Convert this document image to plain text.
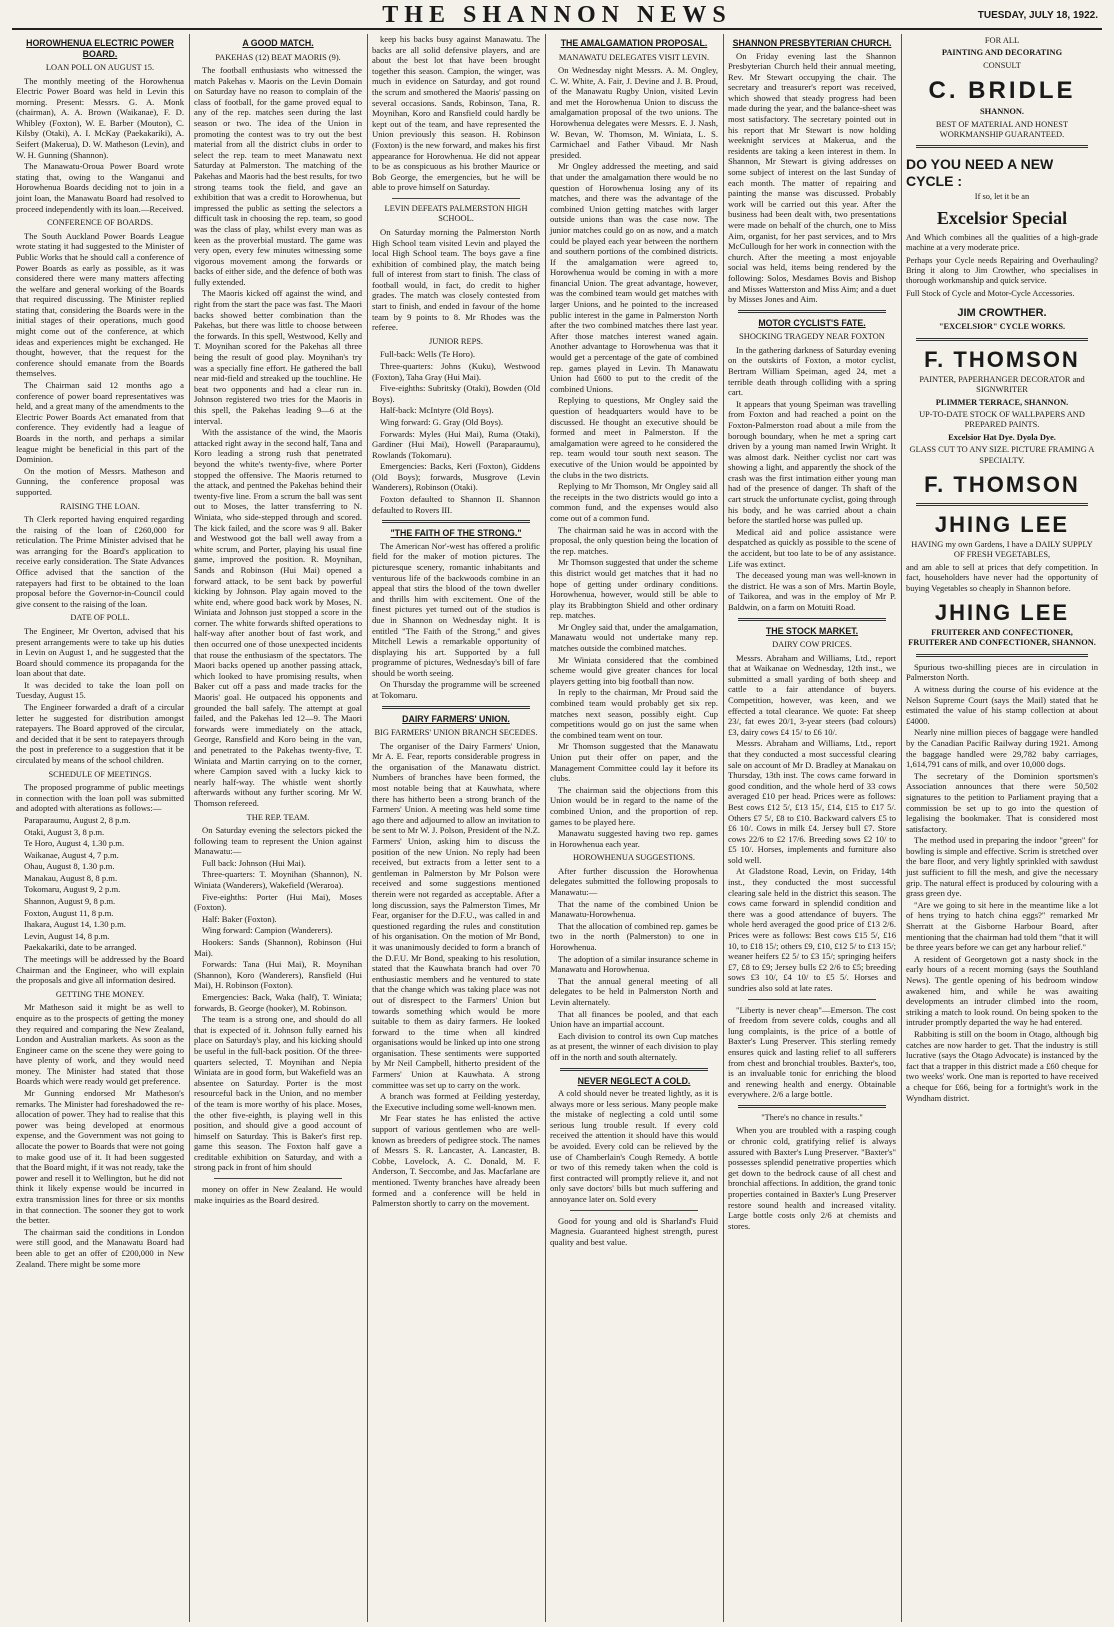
THE SHANNON NEWS	TUESDAY, JULY 18, 1922.
HOROWHENUA ELECTRIC POWER BOARD.
LOAN POLL ON AUGUST 15.

The monthly meeting of the Horowhenua Electric Power Board was held in Levin this morning. Present: Messrs. G. A. Monk (chairman), A. A. Brown (Waikanae), F. D. Whibley (Foxton), W. E. Barber (Mouton), C. Kilsby (Otaki), A. I. McKay (Paekakariki), A. Seifert (Makerua), D. W. Matheson (Levin), and W. H. Gunning (Shannon).

The Manawatu-Oroua Power Board wrote stating that, owing to the Wanganui and Horowhenua Boards deciding not to join in a joint loan, the Manawatu Board had resolved to proceed independently with its loan.—Received.

CONFERENCE OF BOARDS.

The South Auckland Power Boards League wrote stating it had suggested to the Minister of Public Works that he should call a conference of Power Boards as early as possible, as it was considered there were many matters affecting the welfare and general working of the Boards that required discussing. The Minister replied stating that, considering the Boards were in the initial stages of their operations, much good might come out of the conference, at which ideas and experiences might be exchanged. He thought, however, that the request for the conference should emanate from the Boards themselves.

The Chairman said 12 months ago a conference of power board representatives was held, and a great many of the amendments to the Electric Power Boards Act emanated from that conference. They evidently had a league of Boards in the north, and perhaps a similar league might be beneficial in this part of the Dominion.

On the motion of Messrs. Matheson and Gunning, the conference proposal was supported.

RAISING THE LOAN.

Th Clerk reported having enquired regarding the raising of the loan of £260,000 for reticulation. The Prime Minister advised that he was arranging for the Board's application to receive early consideration. The State Advances Office advised that the sanction of the ratepayers had first to be obtained to the loan proposal before the Governor-in-Council could give consent to the raising of the loan.

DATE OF POLL.

The Engineer, Mr Overton, advised that his present arrangements were to take up his duties in Levin on August 1, and he suggested that the Board should commence its propaganda for the loan about that date.

It was decided to take the loan poll on Tuesday, August 15.

The Engineer forwarded a draft of a circular letter he suggested for distribution amongst ratepayers. The Board approved of the circular, and decided that it be sent to ratepayers through the post in preference to a suggestion that it be circulated by means of the school children.

SCHEDULE OF MEETINGS.

The proposed programme of public meetings in connection with the loan poll was submitted and adopted with alterations as follows:—

Paraparaumu, August 2, 8 p.m.

Otaki, August 3, 8 p.m.

Te Horo, August 4, 1.30 p.m.

Waikanae, August 4, 7 p.m.

Ohau, August 8, 1.30 p.m.

Manakau, August 8, 8 p.m.

Tokomaru, August 9, 2 p.m.

Shannon, August 9, 8 p.m.

Foxton, August 11, 8 p.m.

Ihakara, August 14, 1.30 p.m.

Levin, August 14, 8 p.m.

Paekakariki, date to be arranged.

The meetings will be addressed by the Board Chairman and the Engineer, who will explain the proposals and give all information desired.

GETTING THE MONEY.

Mr Matheson said it might be as well to enquire as to the prospects of getting the money they required and comparing the New Zealand, London and Australian markets. As soon as the Engineer came on the scene they were going to have plenty of work, and they would need money. The Minister had stated that those Boards which were ready would get preference.

Mr Gunning endorsed Mr Matheson's remarks. The Minister had foreshadowed the re-allocation of power. They had to realise that this power was being developed at enormous expense, and the Government was not going to allocate the power to Boards that were not going to make good use of it. It had been suggested that the Board might, if it was not ready, take the power and resell it to Wellington, but he did not think it likely expense would be incurred in extra transmission lines for three or six months in that connection. The sooner they got to work the better.

The chairman said the conditions in London were still good, and the Manawatu Board had been able to get an offer of £200,000 in New Zealand. There might be some more

A GOOD MATCH.
PAKEHAS (12) BEAT MAORIS (9).

The football enthusiasts who witnessed the match Pakehas v. Maoris on the Levin Domain on Saturday have no reason to complain of the class of football, for the game proved equal to any of the rep. matches seen during the last season or two. The idea of the Union in promoting the contest was to try out the best material from all the district clubs in order to select the rep. team to meet Manawatu next Saturday at Palmerston. The matching of the Pakehas and Maoris had the best results, for two strong teams took the field, and gave an exhibition that was a credit to Horowhenua, but impressed the public as setting the selectors a difficult task in choosing the rep. team, so good was the class of play, whilst every man was as keen as the proverbial mustard. The game was very open, every few minutes witnessing some vigorous movement among the forwards or backs of either side, and the defence of both was fully extended.

The Maoris kicked off against the wind, and right from the start the pace was fast. The Maori backs showed better combination than the Pakehas, but there was little to choose between the forwards. In this spell, Westwood, Kelly and T. Moynihan scored for the Pakehas all three being the result of good play. Moynihan's try was a specially fine effort. He gathered the ball near mid-field and streaked up the touchline. He beat two opponents and had a clear run in. Johnson registered two tries for the Maoris in this spell, the Pakehas leading 9—6 at the interval.

With the assistance of the wind, the Maoris attacked right away in the second half, Tana and Koro leading a strong rush that penetrated beyond the white's twenty-five, where Porter stopped the offensive. The Maoris returned to the attack, and pentned the Pakehas behind their twenty-five line. From a scrum the ball was sent out to Moses, the latter transferring to N. Winiata, who side-stepped through and scored. The kick failed, and the score was 9 all. Baker and Westwood got the ball well away from a white scrum, and Porter, playing his usual fine game, improved the position. R. Moynihan, Sands and Robinson (Hui Mai) opened a forward attack, to be sent back by powerful kicking by Johnson. Play again moved to the white end, where good back work by Moses, N. Winiata and Johnson just stopped a score in the corner. The white forwards shifted operations to half-way after another bout of fast work, and then occurred one of those unexpected incidents that rouse the enthusiasm of the spectators. The Maori backs opened up another passing attack, which looked to have promising results, when Baker cut off a pass and made tracks for the Maoris' goal. He outpaced his opponents and grounded the ball safely. The attempt at goal failed, and the Pakehas led 12—9. The Maori forwards were immediately on the attack, George, Ransfield and Koro being in the van, and penetrated to the Pakehas twenty-five, T. Winiata and Martin carrying on to the corner, where Campion saved with a lucky kick to nearly half-way. The whistle went shortly afterwards without any further scoring. Mr W. Thomson refereed.

THE REP. TEAM.

On Saturday evening the selectors picked the following team to represent the Union against Manawatu:—

Full back: Johnson (Hui Mai).

Three-quarters: T. Moynihan (Shannon), N. Winiata (Wanderers), Wakefield (Weraroa).

Five-eighths: Porter (Hui Mai), Moses (Foxton).

Half: Baker (Foxton).

Wing forward: Campion (Wanderers).

Hookers: Sands (Shannon), Robinson (Hui Mai).

Forwards: Tana (Hui Mai), R. Moynihan (Shannon), Koro (Wanderers), Ransfield (Hui Mai), H. Robinson (Foxton).

Emergencies: Back, Waka (half), T. Winiata; forwards, B. George (hooker), M. Robinson.

The team is a strong one, and should do all that is expected of it. Johnson fully earned his place on Saturday's play, and his kicking should be useful in the full-back position. Of the three-quarters selected, T. Moynihan and Nepia Winiata are in good form, but Wakefield was an absentee on Saturday. Porter is the most resourceful back in the Union, and no member of the team is more worthy of his place. Moses, the other five-eighth, is playing well in this position, and should give a good account of himself on Saturday. This is Baker's first rep. game this season. The Foxton half gave a creditable exhibition on Saturday, and with a strong pack in front of him should

money on offer in New Zealand. He would make inquiries as the Board desired.

keep his backs busy against Manawatu. The backs are all solid defensive players, and are about the best lot that have been brought together this season. Campion, the winger, was much in evidence on Saturday, and got round the scrum and smothered the Maoris' passing on several occasions. Sands, Robinson, Tana, R. Moynihan, Koro and Ransfield could hardly be kept out of the team, and have represented the Union previously this season. H. Robinson (Foxton) is the new forward, and makes his first appearance for Horowhenua. He did not appear to be as conspicuous as his brother Maurice or Bob George, the emergencies, but he will be able to prove himself on Saturday.

LEVIN DEFEATS PALMERSTON HIGH SCHOOL.

On Saturday morning the Palmerston North High School team visited Levin and played the local High School team. The boys gave a fine exhibition of combined play, the match being full of interest from start to finish. The class of football would, in fact, do credit to higher grades. The match was closely contested from start to finish, and ended in favour of the home team by 9 points to 8. Mr Rhodes was the referee.

JUNIOR REPS.

Full-back: Wells (Te Horo).

Three-quarters: Johns (Kuku), Westwood (Foxton), Taha Gray (Hui Mai).

Five-eighths: Subritsky (Otaki), Bowden (Old Boys).

Half-back: McIntyre (Old Boys).

Wing forward: G. Gray (Old Boys).

Forwards: Myles (Hui Mai), Ruma (Otaki), Gardiner (Hui Mai), Howell (Paraparaumu), Rowlands (Tokomaru).

Emergencies: Backs, Keri (Foxton), Giddens (Old Boys); forwards, Musgrove (Levin Wanderers), Robinson (Otaki).

Foxton defaulted to Shannon II. Shannon defaulted to Rovers III.

"THE FAITH OF THE STRONG."

The American Nor'-west has offered a prolific field for the maker of motion pictures. The picturesque scenery, romantic inhabitants and venturous life of the backwoods combine in an appeal that stirs the blood of the town dweller and thrills him with excitement. One of the finest pictures yet turned out of the studios is due in Shannon on Wednesday night. It is entitled "The Faith of the Strong," and gives Mitchell Lewis a remarkable opportunity of displaying his art. Supported by a full programme of pictures, Wednesday's bill of fare should be worth seeing.

On Thursday the programme will be screened at Tokomaru.

DAIRY FARMERS' UNION.
BIG FARMERS' UNION BRANCH SECEDES.

The organiser of the Dairy Farmers' Union, Mr A. E. Fear, reports considerable progress in the organisation of the Manawatu district. Numbers of branches have been formed, the most notable being that at Kauwhata, where there has hitherto been a strong branch of the Farmers' Union. A meeting was held some time ago there and adjourned to allow an invitation to be sent to Mr W. J. Polson, President of the N.Z. Farmers' Union, asking him to discuss the position of the new Union. No reply had been received, but extracts from a letter sent to a gentleman in Palmerston by Mr Polson were received and some suggestions mentioned therein were not regarded as acceptable. After a long discussion, says the Palmerston Times, Mr Fear, organiser for the D.F.U., was called in and questioned regarding the rules and constitution of his organisation. On the motion of Mr Bond, it was unanimously decided to form a branch of the D.F.U. Mr Bond, speaking to his resolution, stated that the Kauwhata branch had over 70 enthusiastic members and he ventured to state that the change which was taking place was not out of disrespect to the Farmers' Union but towards something which would be more suitable to them as dairy farmers. He looked forward to the time when all kindred organisations would be linked up into one strong organisation. These sentiments were supported by Mr Neil Campbell, hitherto president of the Farmers' Union at Kauwhata. A strong committee was set up to carry on the work.

A branch was formed at Feilding yesterday, the Executive including some well-known men.

Mr Fear states he has enlisted the active support of various gentlemen who are well-known as breeders of pedigree stock. The names of Messrs S. R. Lancaster, A. Lancaster, B. Cobbe, Lovelock, A. C. Donald, M. F. Anderson, T. Seccombe, and Jas. Macfarlane are mentioned. Twenty branches have already been formed and a conference will be held in Palmerston shortly to carry on the movement.

THE AMALGAMATION PROPOSAL.
MANAWATU DELEGATES VISIT LEVIN.

On Wednesday night Messrs. A. M. Ongley, C. W. White, A. Fair, J. Devine and J. B. Proud, of the Manawatu Rugby Union, visited Levin and met the Horowhenua Union to discuss the amalgamation proposal of the two unions. The Horowhenua delegates were Messrs. E. J. Nash, W. Bevan, W. Thomson, M. Winiata, L. S. Carmichael and Father Vibaud. Mr Nash presided.

Mr Ongley addressed the meeting, and said that under the amalgamation there would be no question of Horowhenua losing any of its matches, and there was the advantage of the combined Union getting matches with larger outside unions than was the case now. The junior matches could go on as now, and a match could be played each year between the northern and southern portions of the combined districts. If the amalgamation were agreed to, Horowhenua would be coming in with a more financial Union. The great advantage, however, was the combined team would get matches with larger Unions, and he pointed to the increased public interest in the game in Palmerston North after the two combined matches there last year. After those matches interest waned again. Another advantage to Horowhenua was that it would get a percentage of the gate of combined rep. games played in Levin. Th Manawatu Union had £600 to put to the credit of the combined Unions.

Replying to questions, Mr Ongley said the question of headquarters would have to be discussed. He thought an executive should be formed and meet in Palmerston. If the amalgamation were agreed to he considered the rep. team would tour south next season. The executive of the Union would be appointed by the clubs in the two districts.

Replying to Mr Thomson, Mr Ongley said all the receipts in the two districts would go into a common fund, and the expenses would also come out of a common fund.

The chairman said he was in accord with the proposal, the only question being the location of the rep. matches.

Mr Thomson suggested that under the scheme this district would get matches that it had no hope of getting under ordinary conditions. Horowhenua, however, would still be able to play its Brabbington Shield and other ordinary rep. matches.

Mr Ongley said that, under the amalgamation, Manawatu would not undertake many rep. matches outside the combined matches.

Mr Winiata considered that the combined scheme would give greater chances for local players getting into big football than now.

In reply to the chairman, Mr Proud said the combined team would probably get six rep. matches next season, possibly eight. Cup competitions would go on just the same when the combined team went on tour.

Mr Thomson suggested that the Manawatu Union put their offer on paper, and the Management Committee could lay it before its clubs.

The chairman said the objections from this Union would be in regard to the name of the combined Union, and the proportion of rep. games to be played here.

Manawatu suggested having two rep. games in Horowhenua each year.

HOROWHENUA SUGGESTIONS.

After further discussion the Horowhenua delegates submitted the following proposals to Manawatu:—

That the name of the combined Union be Manawatu-Horowhenua.

That the allocation of combined rep. games be two in the north (Palmerston) to one in Horowhenua.

The adoption of a similar insurance scheme in Manawatu and Horowhenua.

That the annual general meeting of all delegates to be held in Palmerston North and Levin alternately.

That all finances be pooled, and that each Union have an impartial account.

Each division to control its own Cup matches as at present, the winner of each division to play off in the north and south alternately.

NEVER NEGLECT A COLD.

A cold should never be treated lightly, as it is always more or less serious. Many people make the mistake of neglecting a cold until some serious lung trouble result. If every cold received the attention it should have this would be avoided. Every cold can be relieved by the use of Chamberlain's Cough Remedy. A bottle or two of this remedy taken when the cold is first contracted will promptly relieve it, and not only save doctors' bills but much suffering and annoyance later on. Sold every

Good for young and old is Sharland's Fluid Magnesia. Guaranteed highest strength, purest quality and best value.

SHANNON PRESBYTERIAN CHURCH.

On Friday evening last the Shannon Presbyterian Church held their annual meeting, Rev. Mr Stewart occupying the chair. The secretary and treasurer's report was received, which showed that steady progress had been made during the year, and the balance-sheet was most satisfactory. The secretary pointed out in his report that Mr Stewart is now holding weeknight services at Makerua, and the residents are taking a keen interest in them. In Shannon, Mr Stewart is giving addresses on some subject of interest on the last Sunday of each month. The matter of repairing and painting the manse was discussed. Probably work will be carried out this year. After the business had been dealt with, two presentations were made on behalf of the church, one to Miss Aim, organist, for her past services, and to Mrs McCullough for her work in connection with the church. After the meeting a most enjoyable social was held, items being rendered by the following: Solos, Mesdames Bovis and Bishop and Misses Watterston and Miss Aim; and a duet by Misses Jones and Aim.

MOTOR CYCLIST'S FATE.
SHOCKING TRAGEDY NEAR FOXTON

In the gathering darkness of Saturday evening on the outskirts of Foxton, a motor cyclist, Bertram William Speiman, aged 24, met a terrible death through colliding with a spring cart.

It appears that young Speiman was travelling from Foxton and had reached a point on the Foxton-Palmerston road about a mile from the borough boundary, when he met a spring cart driven by a young man named Irwin Wright. It was almost dark. Neither cyclist nor cart was showing a light, and apparently the shock of the crash was the first intimation either young man had of the presence of danger. Th shaft of the cart struck the unfortunate cyclist, going through his body, and he was carried about a chain before the startled horse was pulled up.

Medical aid and police assistance were despatched as quickly as possible to the scene of the accident, but too late to be of any assistance. Life was extinct.

The deceased young man was well-known in the district. He was a son of Mrs. Martin Boyle, of Taikorea, and was in the employ of Mr P. Baldwin, on a farm on Motuiti Road.

THE STOCK MARKET.
DAIRY COW PRICES.

Messrs. Abraham and Williams, Ltd., report that at Waikanae on Wednesday, 12th inst., we submitted a small yarding of both sheep and cattle to a fair attendance of buyers. Competition, however, was keen, and we effected a total clearance. We quote: Fat sheep 23/, fat ewes 20/1, 3-year steers (bad colours) £3, dairy cows £4 15/ to £6 10/.

Messrs. Abraham and Williams, Ltd., report that they conducted a most successful clearing sale on account of Mr D. Bradley at Manakau on Thursday, 13th inst. The cows came forward in good condition, and the whole herd of 33 cows averaged £10 per head. Prices were as follows: Best cows £12 5/, £13 15/, £14, £15 to £17 5/. Others £7 5/, £8 to £10. Backward calvers £5 to £6 10/. Cows in milk £4. Jersey bull £7. Store cows 22/6 to £2 17/6. Breeding sows £2 10/ to £5 10/. Horses, implements and furniture also sold well.

At Gladstone Road, Levin, on Friday, 14th inst., they conducted the most successful clearing sale held in the district this season. The cows came forward in splendid condition and there was a good attendance of buyers. The whole herd averaged the good price of £13 2/6. Prices were as follows: Best cows £15 5/, £16 10, to £18 15/; others £9, £10, £12 5/ to £13 15/; weaner heifers £2 5/ to £3 15/; springing heifers £7, £8 to £9; Jersey bulls £2 2/6 to £5; breeding sows £3 10/, £4 10/ to £5 5/. Horses and sundries also sold at late rates.

"Liberty is never cheap"—Emerson. The cost of freedom from severe colds, coughs and all lung complaints, is the price of a bottle of Baxter's Lung Preserver. This sterling remedy ensures quick and lasting relief to all sufferers from chest and bronchial troubles. Baxter's, too, is an invaluable tonic for enriching the blood and renewing health and energy. Obtainable everywhere. 2/6 a large bottle.

"There's no chance in results."

When you are troubled with a rasping cough or chronic cold, gratifying relief is always assured with Baxter's Lung Preserver. "Baxter's" possesses splendid penetrative properties which get down to the bedrock cause of all chest and bronchial affections. In addition, the grand tonic properties contained in Baxter's Lung Preserver restore sound health and increased vitality. Large bottle costs only 2/6 at chemists and stores.

FOR ALL

PAINTING AND DECORATING

CONSULT

C. BRIDLE

SHANNON.

BEST OF MATERIAL AND HONEST WORKMANSHIP GUARANTEED.

DO YOU NEED A NEW CYCLE :

If so, let it be an

Excelsior Special

And Which combines all the qualities of a high-grade machine at a very moderate price.

Perhaps your Cycle needs Repairing and Overhauling? Bring it along to Jim Crowther, who specialises in thorough workmanship and quick service.

Full Stock of Cycle and Motor-Cycle Accessories.

JIM CROWTHER.

"EXCELSIOR" CYCLE WORKS.

F. THOMSON

PAINTER, PAPERHANGER DECORATOR and SIGNWRITER

PLIMMER TERRACE, SHANNON.

UP-TO-DATE STOCK OF WALLPAPERS AND PREPARED PAINTS.

Excelsior Hat Dye. Dyola Dye.

GLASS CUT TO ANY SIZE. PICTURE FRAMING A SPECIALTY.

F. THOMSON
JHING LEE

HAVING my own Gardens, I have a DAILY SUPPLY OF FRESH VEGETABLES,

and am able to sell at prices that defy competition. In fact, householders have never had the opportunity of buying Vegetables so cheaply in Shannon before.

JHING LEE

FRUITERER AND CONFECTIONER, FRUITERER AND CONFECTIONER, SHANNON.

Spurious two-shilling pieces are in circulation in Palmerston North.

A witness during the course of his evidence at the Nelson Supreme Court (says the Mail) stated that he estimated the value of his stamp collection at about £4000.

Nearly nine million pieces of baggage were handled by the Canadian Pacific Railway during 1921. Among the baggage handled were 29,782 baby carriages, 1,614,791 cans of milk, and over 10,000 dogs.

The secretary of the Dominion sportsmen's Association announces that there were 50,502 signatures to the petition to Parliament praying that a commission be set up to go into the question of legalising the bookmaker. That is considered most satisfactory.

The method used in preparing the indoor "green" for bowling is simple and effective. Scrim is stretched over the bare floor, and very lightly sprinkled with sawdust just sufficient to fill the mesh, and give the necessary grip. The natural effect is produced by colouring with a grass green dye.

"Are we going to sit here in the meantime like a lot of hens trying to hatch china eggs?" remarked Mr Sherratt at the Gisborne Harbour Board, after mentioning that the chairman had told them "that it will be three years before we can get any harbour relief."

A resident of Georgetown got a nasty shock in the early hours of a recent morning (says the Southland News). The gentle opening of his bedroom window awakened him, and while he was awaiting developments an intruder climbed into the room, striking a match to look round. On being spoken to the intruder promptly departed the way he had entered.

Rabbiting is still on the boom in Otago, although big catches are now harder to get. That the industry is still lucrative (says the Otago Advocate) is instanced by the fact that a trapper in this district made a £60 cheque for two weeks' work. One man is reported to have received a cheque for £66, being for a fortnight's work in the Wyndham district.
